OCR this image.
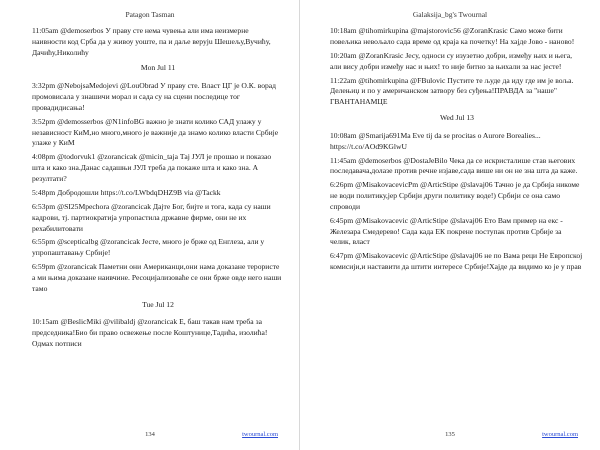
Patagon Tasman
11:05am @demoserbos У праву сте нема чувења али има неизмерне наивности код Срба да у живоу уоште, па и даље веруju Шешељу,Вучићу, Дачићу,Николићу
Mon Jul 11
3:32pm @NebojsaMedojevi @LouObrad У праву сте. Власт ЦГ је О.К. ворад промовисала у знашичи морал и сада су на сцени последице тог провадидисања!
3:52pm @demosserbos @N1infoBG важно је знати колико САД улажу у независност КиМ,но много,много је важније да знамо колико власти Србије улаже у КиМ
4:08pm @todorvuk1 @zorancicak @micin_taja Тај ЈУЛ је прошао и показао шта и како зна.Данас садашњи ЈУЛ треба да покаже шта и како зна. А резултати?
5:48pm Добродошли https://t.co/LWbdqDHZ9B via @Tackk
6:53pm @SI25Mpechora @zorancicak Дајте Бог, бијте и тога, када су наши кадрови, тј. партиократија упропастила државне фирме, они не их рехабилитовати
6:55pm @scepticalbg @zorancicak Јесте, много је брже од Енглеза, али у упропаштавању Србије!
6:59pm @zorancicak Паметни они Американци,они нама доказане терористе а ми њима доказане наивчине. Ресоцијализоваће се они брже овде него наши тамо
Tue Jul 12
10:15am @BeslicMiki @vilibaldj @zorancicak Е, баш такав нам треба за председника!Био би право освежење после Коштунице,Тадића, изолића!Одмах потписи
134	twournal.com
Galaksija_bg's Twournal
10:18am @tihomirkupina @majstorovic56 @ZoranKrasic Само може бити повељика невољало сада време од краја ка почетку! На хајде Јово - наново!
10:20am @ZoranKrasic Јесу, односи су изузетно добри, између њих и њега, али вису добри између нас и њих! то није битно за њихали за нас јесте!
11:22am @tihomirkupina @FBulovic Пустите те људе да иду где им је воља. Делењиџ и по у америчанском затвору без суђења!ПРАВДА за "наше" ГВАНТАНАМЦЕ
Wed Jul 13
10:08am @Smarija691Ma Eve tij da se procitas o Aurore Borealies... https://t.co/AOd9KGlwU
11:45am @demoserbos @DostaJeBilo Чека да се искристалише став његових последавача,долазе против речне изјаве,сада више ни он не зна шта да каже.
6:26pm @MisakovacevicPm @ArticStipe @slavaj06 Тачно је да Србија никоме не води политику,јер Србији други политику воде!) Србији се она само спроводи
6:45pm @Misakovacevic @ArticStipe @slavaj06 Ето Вам пример на екс - Железара Смедерево! Сада када ЕК покрене поступак против Србије за челик, власт
6:47pm @Misakovacevic @ArticStipe @slavaj06 не по Вама реци Не Европској комисији,и наставити да штити интересе Србије!Хајде да видимо ко је у прав
135	twournal.com
